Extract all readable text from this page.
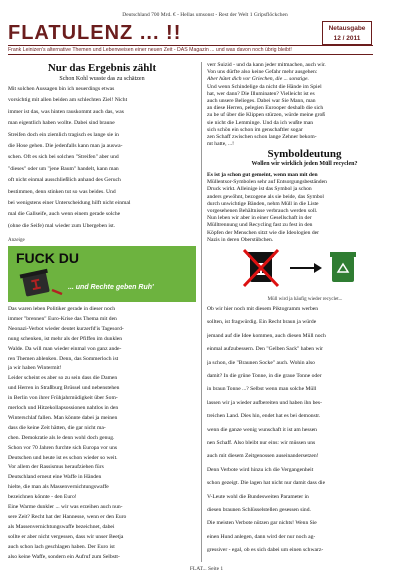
Deutschland 700 Mrd. € - Hellas umsonst - Rest der Welt 1 Gripsflöckchen
FLATULENZ ... !!	Netausgabe
12 / 2011
Frank Leinizen's alternative Themen und Lebenweisen einer neuen Zeit - DAS Magazin ... und was davon noch übrig bleibt!
Nur das Ergebnis zählt
Schon Kohl wusste das zu schätzen
Mit solchen Aussagen bin ich neuerdings etwas
vorsichtig mit allen beiden am schlechten Ziel! Nicht
immer ist das, was hinten rauskommt auch das, was
man eigentlich haben wollte. Dabei sind braune
Streifen doch ein ziemlich tragisch es lange sie in
die Hose gehen. Die jedenfalls kann man ja auswa-
schen. Oft es sich bei solchen "Streifen" aber und
"dieses" oder um "jene Baum" handelt, kann man
oft nicht einmal ausschließlich anhand des Geruch
bestimmen, denn stinken tut so was beides. Und
bei wenigstens einer Unterscheidung hilft nicht einmal
mal die Gallseife, auch wenn einem gerade solche
(ohne die Seife) mal wieder zum Übergeben ist.
Anzeige
FUCK DU
... und Rechte geben Ruh'
Das waren leben Politiker gerade in dieser noch
immer "brennen" Euro-Krise das Thema mit den
Neonazi-Verbot wieder deutet kurzerfd'is Tagesord-
nung schenken, ist mehr als der Pfiffen im dunklen
Walde. Da will man wieder einmal von ganz ande-
ren Themen ablenken. Denn, das Sommerloch ist
ja wir haben Wintermit!
Leider scheint es aber so zu sein dass die Damen
und Herren in Straßburg Brüssel und nebenstehen
in Berlin von ihrer Frühjahrmüdigkeit über Som-
merloch und Hitzekollapsossionen nahtlos in den
Winterschlaf fallen. Man könnte dabei ja meinen
dass die keine Zeit hätten, die gar nicht ma-
chen. Demokratie als le denn wohl doch genug.
Schon vor 70 Jahren furchte sich Europa vor uns
Deutschen und heute ist es schon wieder so weit.
Vor allem der Rassismus heraufziehen fürs
Deutschland erneut eine Waffe in Händen
hielte, die man als Massenvernichtungswaffe
bezeichnen könnte - den Euro!
Eine Warme dunkler ... wir was erzeihen auch nun-
sere Zeit? Recht hat der Hannesse, wenn er den Euro
als Massenvernichtungswaffe bezeichnet, dabei
sollte er aber nicht vergessen, dass wir unser Beetja
auch schon lach geschlagen haben. Der Euro ist
also keine Waffe, sondern ein Aufruf zum Selbstt-
verr Suizid - und da kann jeder mitmachen, auch wir.
Von uns dürfte also keine Gefahr mehr ausgehen:
Aber hütet dich vor Griechen, die ... sonstige.
Und wenn Schindelige da nicht die Hände im Spiel
hat, wer dann? Die Illuminaten? Vielleicht ist es
auch unsere Belieges. Dabei war Sie Mann, man
an diese Herren, pelegien Eurooper deshalb die sich
zu be uf über die Klippen stürzen, würde meine groß
sie nicht die Lemminge. Und da ich wußte man
sich schön ein schon im genschaftler sogar
zen Schaff zwischen schon lange Zehner bekom-
mt hatte, ...!
Symboldeutung
Wollen wir wirklich jeden Müll recyclen?
Es ist ja schon gut gemeint, wenn man mit den
Müllentsor-Symbolen sehr auf Entsorgungsbeständen
Druck wirkt. Alleinige ist das Symbol ja schon
anders gewöhnt, bezogene als sie beide, das Symbol
durch unwichtige Bänden, nehm Müll in die Liste
vorgesehenen Behältnisse verbrauch werden soll.
Nun leben wir aber in einer Gesellschaft in der
Mülltrennung und Recycling fast zu fest in den
Köpfen der Menschen sitzt wie die Ideologien der
Nazis in deren Oberstübchen.
Müll wird ja häufig wieder recyclet...
Ob wir hier noch mit diesem Piktogramm werben
sollten, ist fragwürdig. Ein Recht braun ja würde
jemand auf die Idee kommen, auch diesen Müll noch
einmal aufzubessern. Den "Gelben Sack" haben wir
ja schon, die "Braunen Socke" auch. Wohin also
damit? In die grüne Tonne, in die graue Tonne oder
in braun Tonne ...? Selbst wenn man solche Müll
lassen wir ja wieder aufbereiten und haben ihn bes-
treichen Land. Dies hin, endet hat es bei demonstr.
wenn die ganze wenig wunschaft it ist am hessen
nen Schaff. Also bleibt nur eins: wir müssen uns
auch mit diesem Zeitgenossen auseinandersetzen!
Denn Verbote wird hinzu ich die Vergangenheit
schon gezeigt. Die lagen hat nicht nur damit dass die
V-Leute wohl die Bundesweiten Parameter in
diesen braunen Schlüsselstellen gesessen sind.
Die meisten Verbote nützen gar nichts! Wenn Sie
einen Hund anlegen, dann wird der nur noch ag-
gressiver - egal, ob es sich dabei um einen schwarz-
FLAT... Seite 1
